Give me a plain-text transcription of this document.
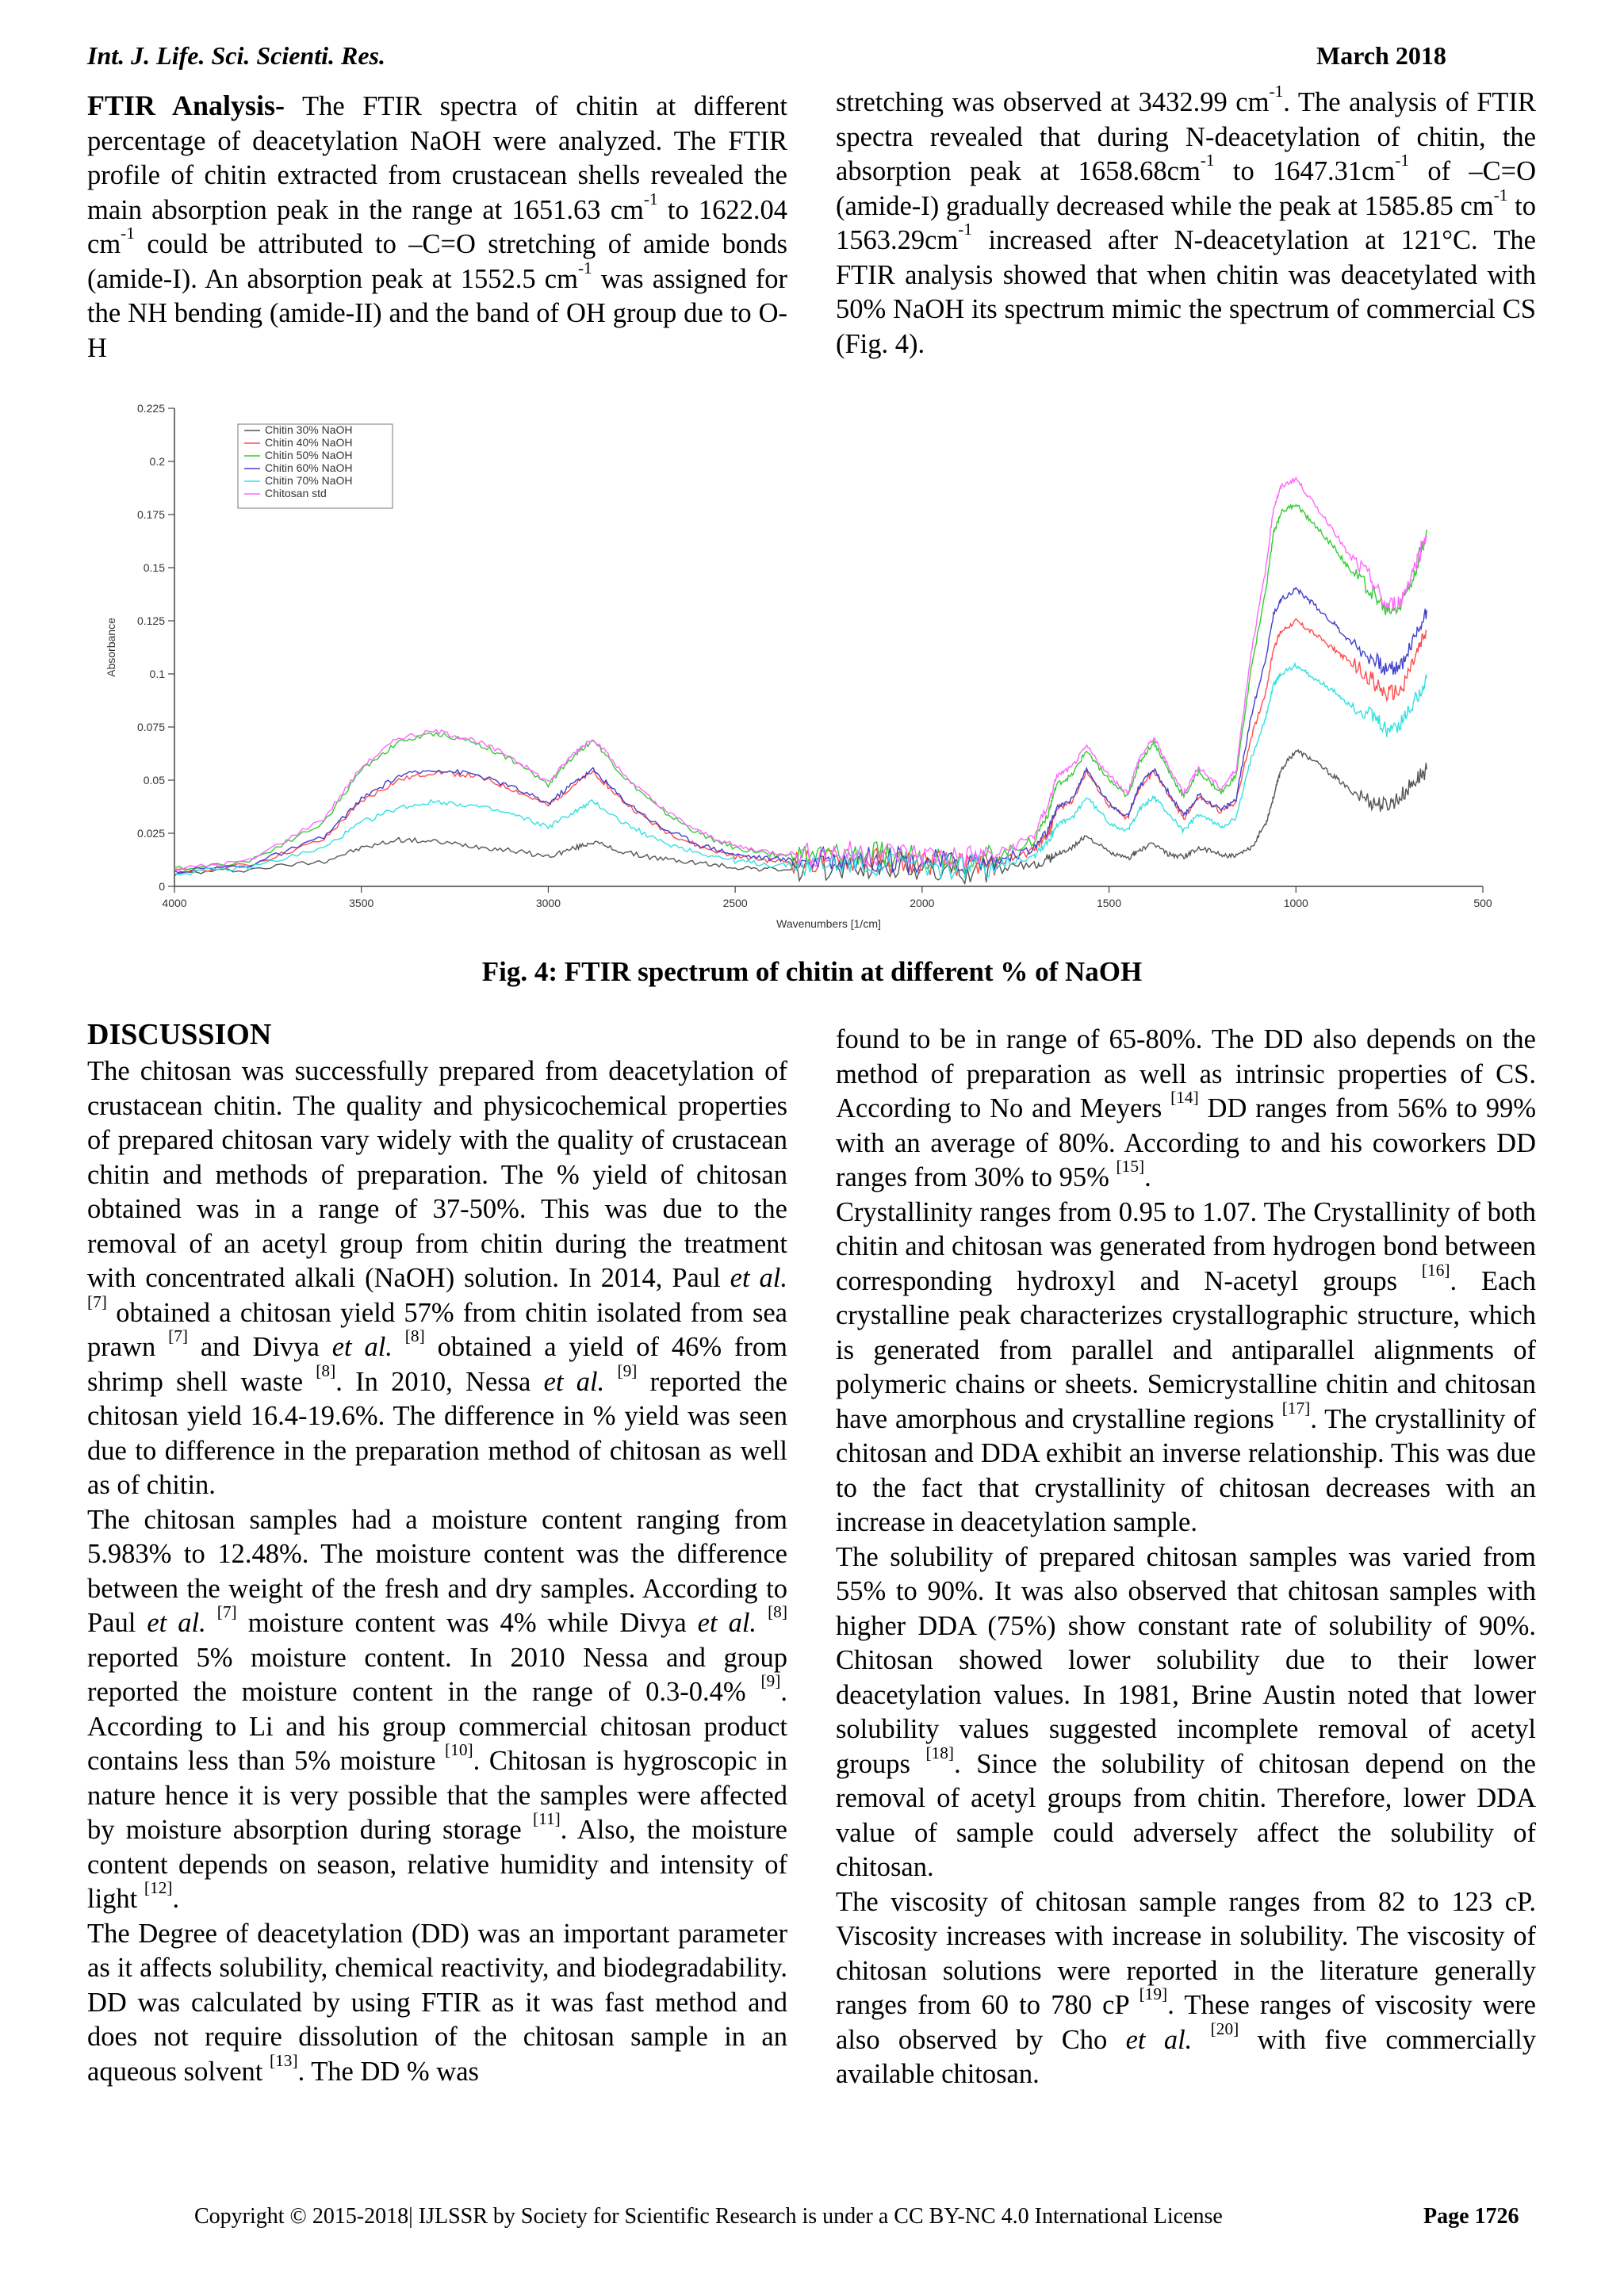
Int. J. Life. Sci. Scienti. Res.	March 2018

FTIR Analysis- The FTIR spectra of chitin at different percentage of deacetylation NaOH were analyzed. The FTIR profile of chitin extracted from crustacean shells revealed the main absorption peak in the range at 1651.63 $cm^{-1}$ to 1622.04 $cm^{-1}$ could be attributed to –C=O stretching of amide bonds (amide-I). An absorption peak at 1552.5 $cm^{-1}$ was assigned for the NH bending (amide-II) and the band of OH group due to O-H

stretching was observed at 3432.99 $cm^{-1}$. The analysis of FTIR spectra revealed that during N-deacetylation of chitin, the absorption peak at $1658.68cm^{-1}$ to $1647.31cm^{-1}$ of –C=O (amide-I) gradually decreased while the peak at 1585.85 $cm^{-1}$ to $1563.29cm^{-1}$ increased after N-deacetylation at 121°C. The FTIR analysis showed that when chitin was deacetylated with 50% NaOH its spectrum mimic the spectrum of commercial CS (Fig. 4).

0
0.025
0.05
0.075
0.1
0.125
0.15
0.175
0.2
0.225
4000	3500	3000	2500	2000	1500	1000	500
Wavenumbers [1/cm]
Absorbance
Chitin 30% NaOH
Chitin 40% NaOH
Chitin 50% NaOH
Chitin 60% NaOH
Chitin 70% NaOH
Chitosan std
Fig. 4: FTIR spectrum of chitin at different % of NaOH
DISCUSSION

The chitosan was successfully prepared from deacetylation of crustacean chitin. The quality and physicochemical properties of prepared chitosan vary widely with the quality of crustacean chitin and methods of preparation. The % yield of chitosan obtained was in a range of 37-50%. This was due to the removal of an acetyl group from chitin during the treatment with concentrated alkali (NaOH) solution. In 2014, Paul et al. [7] obtained a chitosan yield 57% from chitin isolated from sea prawn [7] and Divya et al. [8] obtained a yield of 46% from shrimp shell waste [8]. In 2010, Nessa et al. [9] reported the chitosan yield 16.4-19.6%. The difference in % yield was seen due to difference in the preparation method of chitosan as well as of chitin.

The chitosan samples had a moisture content ranging from 5.983% to 12.48%. The moisture content was the difference between the weight of the fresh and dry samples. According to Paul et al. [7] moisture content was 4% while Divya et al. [8] reported 5% moisture content. In 2010 Nessa and group reported the moisture content in the range of 0.3-0.4% [9]. According to Li and his group commercial chitosan product contains less than 5% moisture [10]. Chitosan is hygroscopic in nature hence it is very possible that the samples were affected by moisture absorption during storage [11]. Also, the moisture content depends on season, relative humidity and intensity of light [12].

The Degree of deacetylation (DD) was an important parameter as it affects solubility, chemical reactivity, and biodegradability. DD was calculated by using FTIR as it was fast method and does not require dissolution of the chitosan sample in an aqueous solvent [13]. The DD % was

found to be in range of 65-80%. The DD also depends on the method of preparation as well as intrinsic properties of CS. According to No and Meyers [14] DD ranges from 56% to 99% with an average of 80%. According to and his coworkers DD ranges from 30% to 95% [15].

Crystallinity ranges from 0.95 to 1.07. The Crystallinity of both chitin and chitosan was generated from hydrogen bond between corresponding hydroxyl and N-acetyl groups [16]. Each crystalline peak characterizes crystallographic structure, which is generated from parallel and antiparallel alignments of polymeric chains or sheets. Semicrystalline chitin and chitosan have amorphous and crystalline regions [17]. The crystallinity of chitosan and DDA exhibit an inverse relationship. This was due to the fact that crystallinity of chitosan decreases with an increase in deacetylation sample.

The solubility of prepared chitosan samples was varied from 55% to 90%. It was also observed that chitosan samples with higher DDA (75%) show constant rate of solubility of 90%. Chitosan showed lower solubility due to their lower deacetylation values. In 1981, Brine Austin noted that lower solubility values suggested incomplete removal of acetyl groups [18]. Since the solubility of chitosan depend on the removal of acetyl groups from chitin. Therefore, lower DDA value of sample could adversely affect the solubility of chitosan.

The viscosity of chitosan sample ranges from 82 to 123 cP. Viscosity increases with increase in solubility. The viscosity of chitosan solutions were reported in the literature generally ranges from 60 to 780 cP [19]. These ranges of viscosity were also observed by Cho et al. [20] with five commercially available chitosan.

Copyright © 2015-2018| IJLSSR by Society for Scientific Research is under a CC BY-NC 4.0 International License	Page 1726
